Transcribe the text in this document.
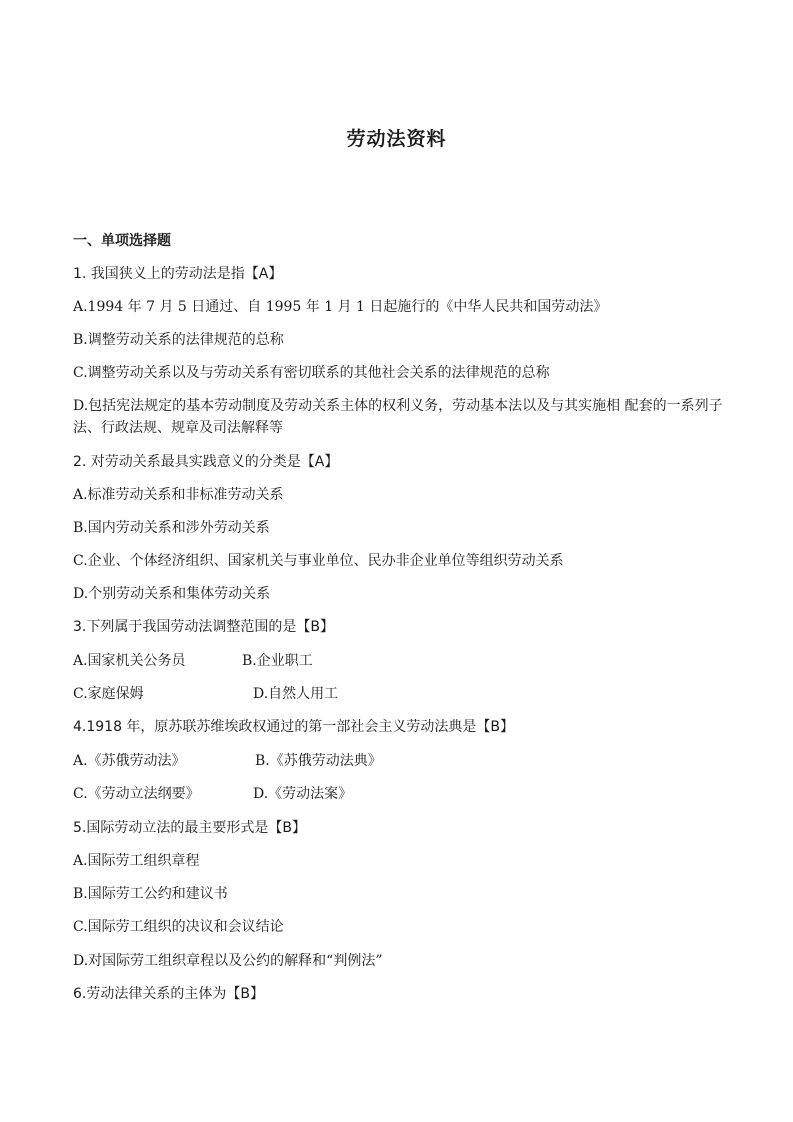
劳动法资料
一、单项选择题
1. 我国狭义上的劳动法是指【A】
A.1994 年 7 月 5 日通过、自 1995 年 1 月 1 日起施行的《中华人民共和国劳动法》
B.调整劳动关系的法律规范的总称
C.调整劳动关系以及与劳动关系有密切联系的其他社会关系的法律规范的总称
D.包括宪法规定的基本劳动制度及劳动关系主体的权利义务，劳动基本法以及与其实施相 配套的一系列子法、行政法规、规章及司法解释等
2. 对劳动关系最具实践意义的分类是【A】
A.标准劳动关系和非标准劳动关系
B.国内劳动关系和涉外劳动关系
C.企业、个体经济组织、国家机关与事业单位、民办非企业单位等组织劳动关系
D.个别劳动关系和集体劳动关系
3.下列属于我国劳动法调整范围的是【B】
A.国家机关公务员	B.企业职工
C.家庭保姆	D.自然人用工
4.1918 年，原苏联苏维埃政权通过的第一部社会主义劳动法典是【B】
A.《苏俄劳动法》	B.《苏俄劳动法典》
C.《劳动立法纲要》	D.《劳动法案》
5.国际劳动立法的最主要形式是【B】
A.国际劳工组织章程
B.国际劳工公约和建议书
C.国际劳工组织的决议和会议结论
D.对国际劳工组织章程以及公约的解释和“判例法”
6.劳动法律关系的主体为【B】
